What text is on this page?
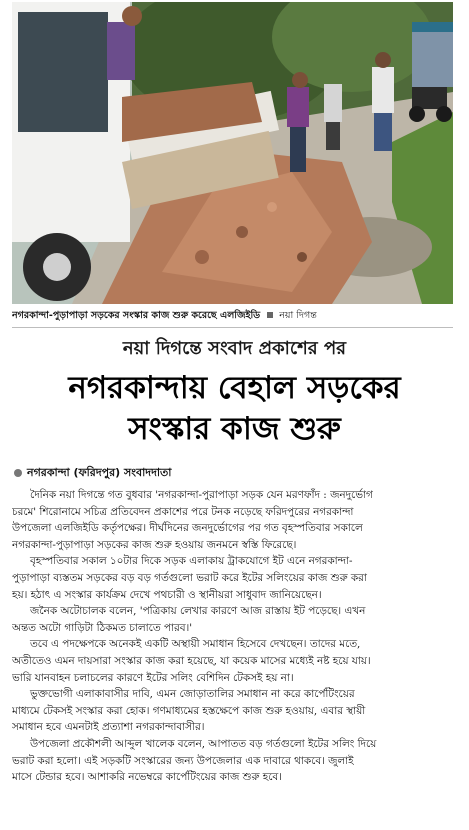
নগরকান্দা-পুড়াপাড়া সড়কের সংস্কার কাজ শুরু করেছে এলজিইডি নয়া দিগন্ত
নয়া দিগন্তে সংবাদ প্রকাশের পর
নগরকান্দায় বেহাল সড়কের
সংস্কার কাজ শুরু
নগরকান্দা (ফরিদপুর) সংবাদদাতা
দৈনিক নয়া দিগন্তে গত বুধবার 'নগরকান্দা-পুরাপাড়া সড়ক যেন মরণফাঁদ : জনদুর্ভোগ
চরমে' শিরোনামে সচিত্র প্রতিবেদন প্রকাশের পরে টনক নড়েছে ফরিদপুরের নগরকান্দা
উপজেলা এলজিইডি কর্তৃপক্ষের। দীর্ঘদিনের জনদুর্ভোগের পর গত বৃহস্পতিবার সকালে
নগরকান্দা-পুড়াপাড়া সড়কের কাজ শুরু হওয়ায় জনমনে স্বস্তি ফিরেছে।
বৃহস্পতিবার সকাল ১০টার দিকে সড়ক এলাকায় ট্রাকযোগে ইট এনে নগরকান্দা-
পুড়াপাড়া ব্যস্ততম সড়কের বড় বড় গর্তগুলো ভরাট করে ইটের সলিংয়ের কাজ শুরু করা
হয়। হঠাৎ এ সংস্কার কার্যক্রম দেখে পথচারী ও স্থানীয়রা সাধুবাদ জানিয়েছেন।
জনৈক অটোচালক বলেন, 'পত্রিকায় লেখার কারণে আজ রাস্তায় ইট পড়েছে। এখন
অন্তত অটো গাড়িটা ঠিকমত চালাতে পারব।'
তবে এ পদক্ষেপকে অনেকই একটি অস্থায়ী সমাধান হিসেবে দেখছেন। তাদের মতে,
অতীতেও এমন দায়সারা সংস্কার কাজ করা হয়েছে, যা কয়েক মাসের মধ্যেই নষ্ট হয়ে যায়।
ভারি যানবাহন চলাচলের কারণে ইটের সলিং বেশিদিন টেকসই হয় না।
ভুক্তভোগী এলাকাবাসীর দাবি, এমন জোড়াতালির সমাধান না করে কার্পেটিংয়ের
মাধ্যমে টেকসই সংস্কার করা হোক। গণমাধ্যমের হস্তক্ষেপে কাজ শুরু হওয়ায়, এবার স্থায়ী
সমাধান হবে এমনটাই প্রত্যাশা নগরকান্দাবাসীর।
উপজেলা প্রকৌশলী আব্দুল খালেক বলেন, আপাতত বড় গর্তগুলো ইটের সলিং দিয়ে
ভরাট করা হলো। এই সড়কটি সংস্কারের জন্য উপজেলার এক দাবারে থাকবে। জুলাই
মাসে টেন্ডার হবে। আশাকরি নভেম্বরে কার্পেটিংয়ের কাজ শুরু হবে।
